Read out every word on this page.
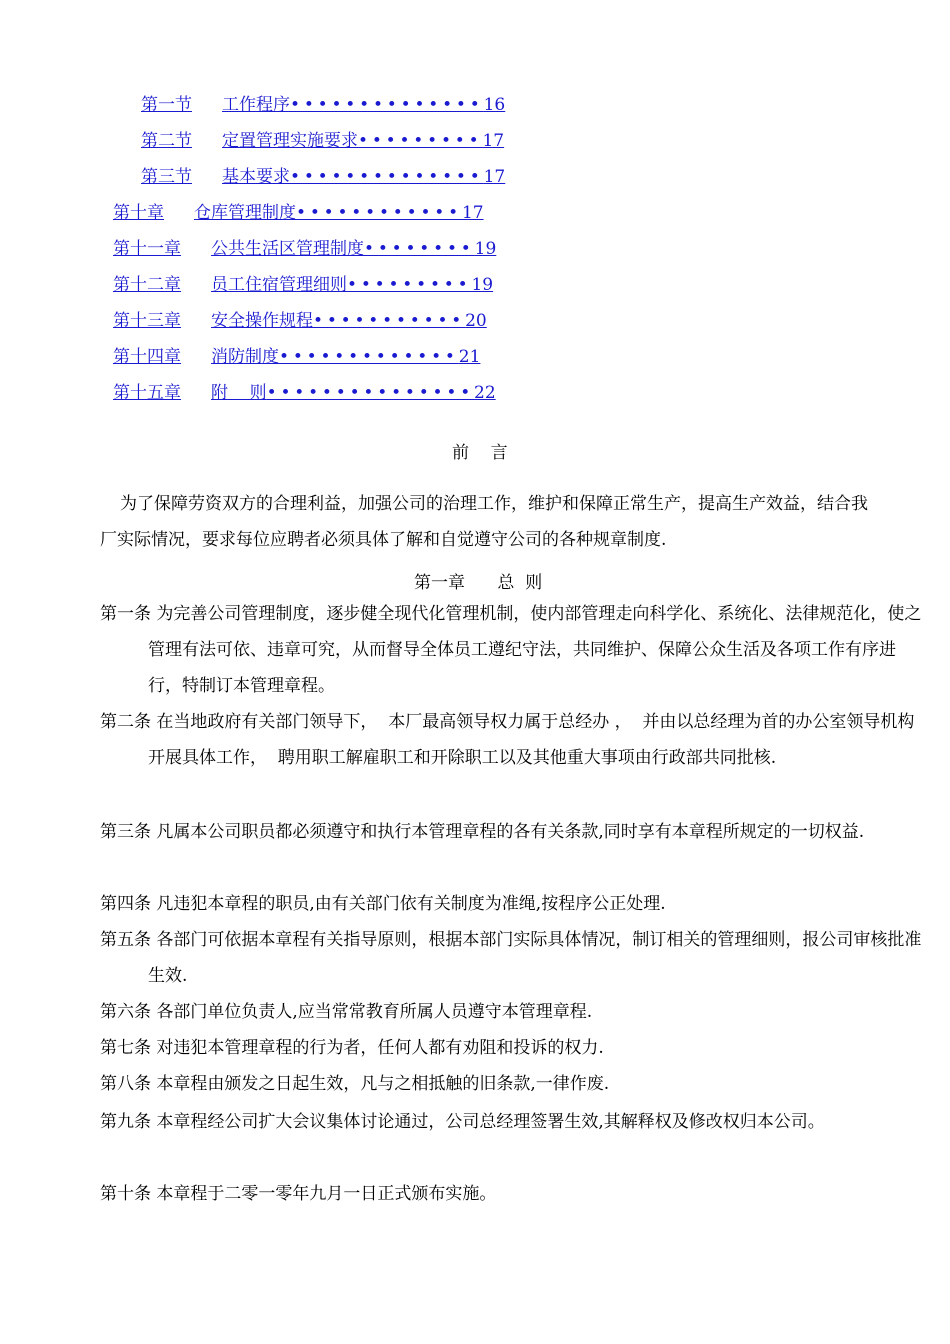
第一节 工作程序••••••••••••••16
第二节 定置管理实施要求•••••••••17
第三节 基本要求••••••••••••••17
第十章 仓库管理制度••••••••••••17
第十一章 公共生活区管理制度••••••••19
第十二章 员工住宿管理细则•••••••••19
第十三章 安全操作规程•••••••••••20
第十四章 消防制度•••••••••••••21
第十五章 附    则•••••••••••••••22
前    言

为了保障劳资双方的合理利益，加强公司的治理工作，维护和保障正常生产，提高生产效益，结合我厂实际情况，要求每位应聘者必须具体了解和自觉遵守公司的各种规章制度.

第一章      总  则
第一条 为完善公司管理制度，逐步健全现代化管理机制，使内部管理走向科学化、系统化、法律规范化，使之管理有法可依、违章可究，从而督导全体员工遵纪守法，共同维护、保障公众生活及各项工作有序进行，特制订本管理章程。
第二条 在当地政府有关部门领导下，  本厂最高领导权力属于总经办 ，  并由以总经理为首的办公室领导机构开展具体工作，  聘用职工解雇职工和开除职工以及其他重大事项由行政部共同批核.
第三条 凡属本公司职员都必须遵守和执行本管理章程的各有关条款,同时享有本章程所规定的一切权益.
第四条 凡违犯本章程的职员,由有关部门依有关制度为准绳,按程序公正处理.
第五条 各部门可依据本章程有关指导原则，根据本部门实际具体情况，制订相关的管理细则，报公司审核批准生效.
第六条 各部门单位负责人,应当常常教育所属人员遵守本管理章程.
第七条 对违犯本管理章程的行为者，任何人都有劝阻和投诉的权力.
第八条 本章程由颁发之日起生效，凡与之相抵触的旧条款,一律作废.
第九条 本章程经公司扩大会议集体讨论通过，公司总经理签署生效,其解释权及修改权归本公司。
第十条 本章程于二零一零年九月一日正式颁布实施。
